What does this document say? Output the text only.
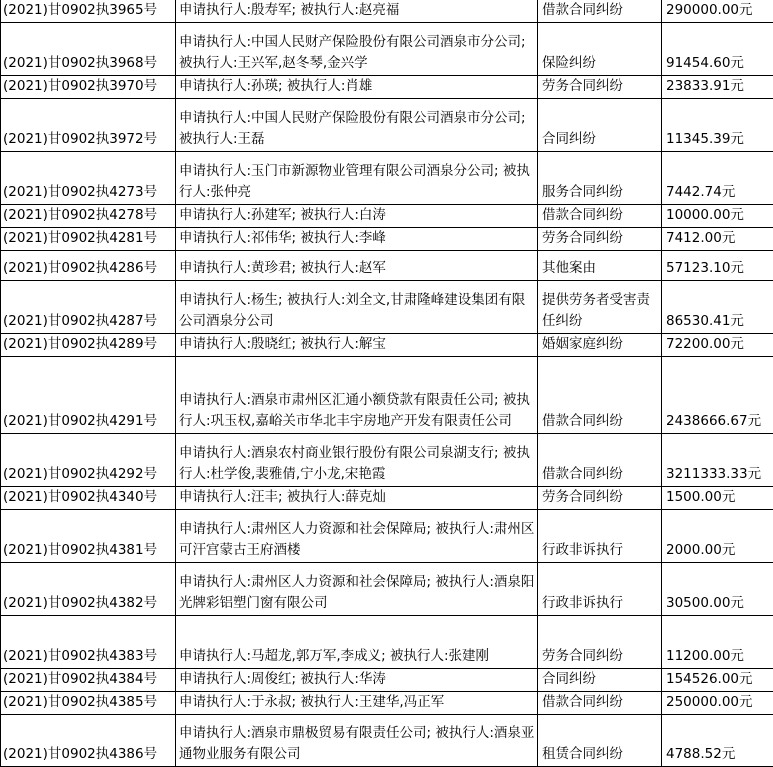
(2021)甘0902执3965号	申请执行人:殷寿军; 被执行人:赵亮福	借款合同纠纷	290000.00元
(2021)甘0902执3968号	申请执行人:中国人民财产保险股份有限公司酒泉市分公司; 被执行人:王兴军,赵冬琴,金兴学	保险纠纷	91454.60元
(2021)甘0902执3970号	申请执行人:孙瑛; 被执行人:肖雄	劳务合同纠纷	23833.91元
(2021)甘0902执3972号	申请执行人:中国人民财产保险股份有限公司酒泉市分公司; 被执行人:王磊	合同纠纷	11345.39元
(2021)甘0902执4273号	申请执行人:玉门市新源物业管理有限公司酒泉分公司; 被执行人:张仲亮	服务合同纠纷	7442.74元
(2021)甘0902执4278号	申请执行人:孙建军; 被执行人:白涛	借款合同纠纷	10000.00元
(2021)甘0902执4281号	申请执行人:祁伟华; 被执行人:李峰	劳务合同纠纷	7412.00元
(2021)甘0902执4286号	申请执行人:黄珍君; 被执行人:赵军	其他案由	57123.10元
(2021)甘0902执4287号	申请执行人:杨生; 被执行人:刘全文,甘肃隆峰建设集团有限公司酒泉分公司	提供劳务者受害责任纠纷	86530.41元
(2021)甘0902执4289号	申请执行人:殷晓红; 被执行人:解宝	婚姻家庭纠纷	72200.00元
(2021)甘0902执4291号	申请执行人:酒泉市肃州区汇通小额贷款有限责任公司; 被执行人:巩玉权,嘉峪关市华北丰宇房地产开发有限责任公司	借款合同纠纷	2438666.67元
(2021)甘0902执4292号	申请执行人:酒泉农村商业银行股份有限公司泉湖支行; 被执行人:杜学俊,裴雅倩,宁小龙,宋艳霞	借款合同纠纷	3211333.33元
(2021)甘0902执4340号	申请执行人:汪丰; 被执行人:薛克灿	劳务合同纠纷	1500.00元
(2021)甘0902执4381号	申请执行人:肃州区人力资源和社会保障局; 被执行人:肃州区可汗宫蒙古王府酒楼	行政非诉执行	2000.00元
(2021)甘0902执4382号	申请执行人:肃州区人力资源和社会保障局; 被执行人:酒泉阳光牌彩铝塑门窗有限公司	行政非诉执行	30500.00元
(2021)甘0902执4383号	申请执行人:马超龙,郭万军,李成义; 被执行人:张建刚	劳务合同纠纷	11200.00元
(2021)甘0902执4384号	申请执行人:周俊红; 被执行人:华涛	合同纠纷	154526.00元
(2021)甘0902执4385号	申请执行人:于永叔; 被执行人:王建华,冯正军	借款合同纠纷	250000.00元
(2021)甘0902执4386号	申请执行人:酒泉市鼎极贸易有限责任公司; 被执行人:酒泉亚通物业服务有限公司	租赁合同纠纷	4788.52元
